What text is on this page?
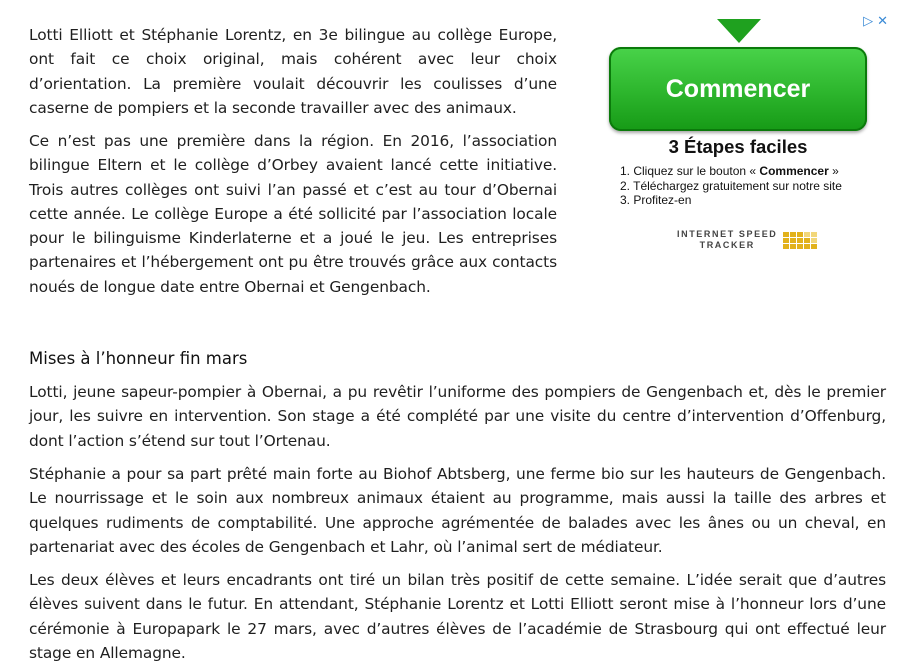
Lotti Elliott et Stéphanie Lorentz, en 3e bilingue au collège Europe, ont fait ce choix original, mais cohérent avec leur choix d’orientation. La première voulait découvrir les coulisses d’une caserne de pompiers et la seconde travailler avec des animaux.

Ce n’est pas une première dans la région. En 2016, l’association bilingue Eltern et le collège d’Orbey avaient lancé cette initiative. Trois autres collèges ont suivi l’an passé et c’est au tour d’Obernai cette année. Le collège Europe a été sollicité par l’association locale pour le bilinguisme Kinderlaterne et a joué le jeu. Les entreprises partenaires et l’hébergement ont pu être trouvés grâce aux contacts noués de longue date entre Obernai et Gengenbach.

Mises à l’honneur fin mars

Lotti, jeune sapeur-pompier à Obernai, a pu revêtir l’uniforme des pompiers de Gengenbach et, dès le premier jour, les suivre en intervention. Son stage a été complété par une visite du centre d’intervention d’Offenburg, dont l’action s’étend sur tout l’Ortenau.

Stéphanie a pour sa part prêté main forte au Biohof Abtsberg, une ferme bio sur les hauteurs de Gengenbach. Le nourrissage et le soin aux nombreux animaux étaient au programme, mais aussi la taille des arbres et quelques rudiments de comptabilité. Une approche agrémentée de balades avec les ânes ou un cheval, en partenariat avec des écoles de Gengenbach et Lahr, où l’animal sert de médiateur.

Les deux élèves et leurs encadrants ont tiré un bilan très positif de cette semaine. L’idée serait que d’autres élèves suivent dans le futur. En attendant, Stéphanie Lorentz et Lotti Elliott seront mise à l’honneur lors d’une cérémonie à Europapark le 27 mars, avec d’autres élèves de l’académie de Strasbourg qui ont effectué leur stage en Allemagne.

▷ ✕
Commencer
3 Étapes faciles
1. Cliquez sur le bouton « Commencer »
2. Téléchargez gratuitement sur notre site
3. Profitez-en
INTERNET SPEED
TRACKER
